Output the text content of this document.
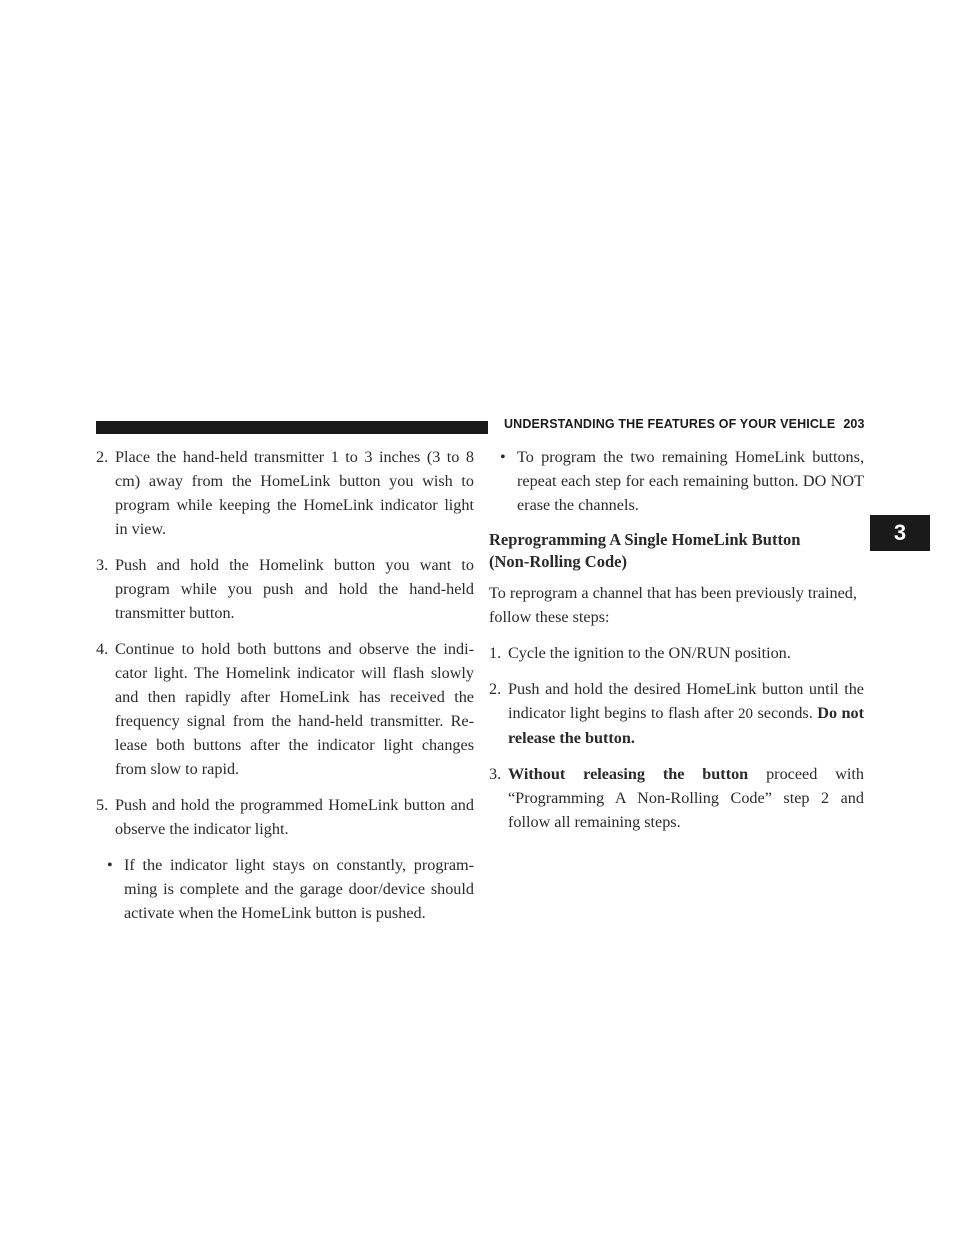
UNDERSTANDING THE FEATURES OF YOUR VEHICLE 203
3

2. Place the hand-held transmitter 1 to 3 inches (3 to 8 cm) away from the HomeLink button you wish to program while keeping the HomeLink indicator light in view.

3. Push and hold the Homelink button you want to program while you push and hold the hand-held transmitter button.

4. Continue to hold both buttons and observe the indicator light. The Homelink indicator will flash slowly and then rapidly after HomeLink has received the frequency signal from the hand-held transmitter. Release both buttons after the indicator light changes from slow to rapid.

5. Push and hold the programmed HomeLink button and observe the indicator light.

• If the indicator light stays on constantly, programming is complete and the garage door/device should activate when the HomeLink button is pushed.

• To program the two remaining HomeLink buttons, repeat each step for each remaining button. DO NOT erase the channels.

Reprogramming A Single HomeLink Button
(Non-Rolling Code)

To reprogram a channel that has been previously trained, follow these steps:

1. Cycle the ignition to the ON/RUN position.

2. Push and hold the desired HomeLink button until the indicator light begins to flash after 20 seconds. Do not release the button.

3. Without releasing the button proceed with “Programming A Non-Rolling Code” step 2 and follow all remaining steps.
